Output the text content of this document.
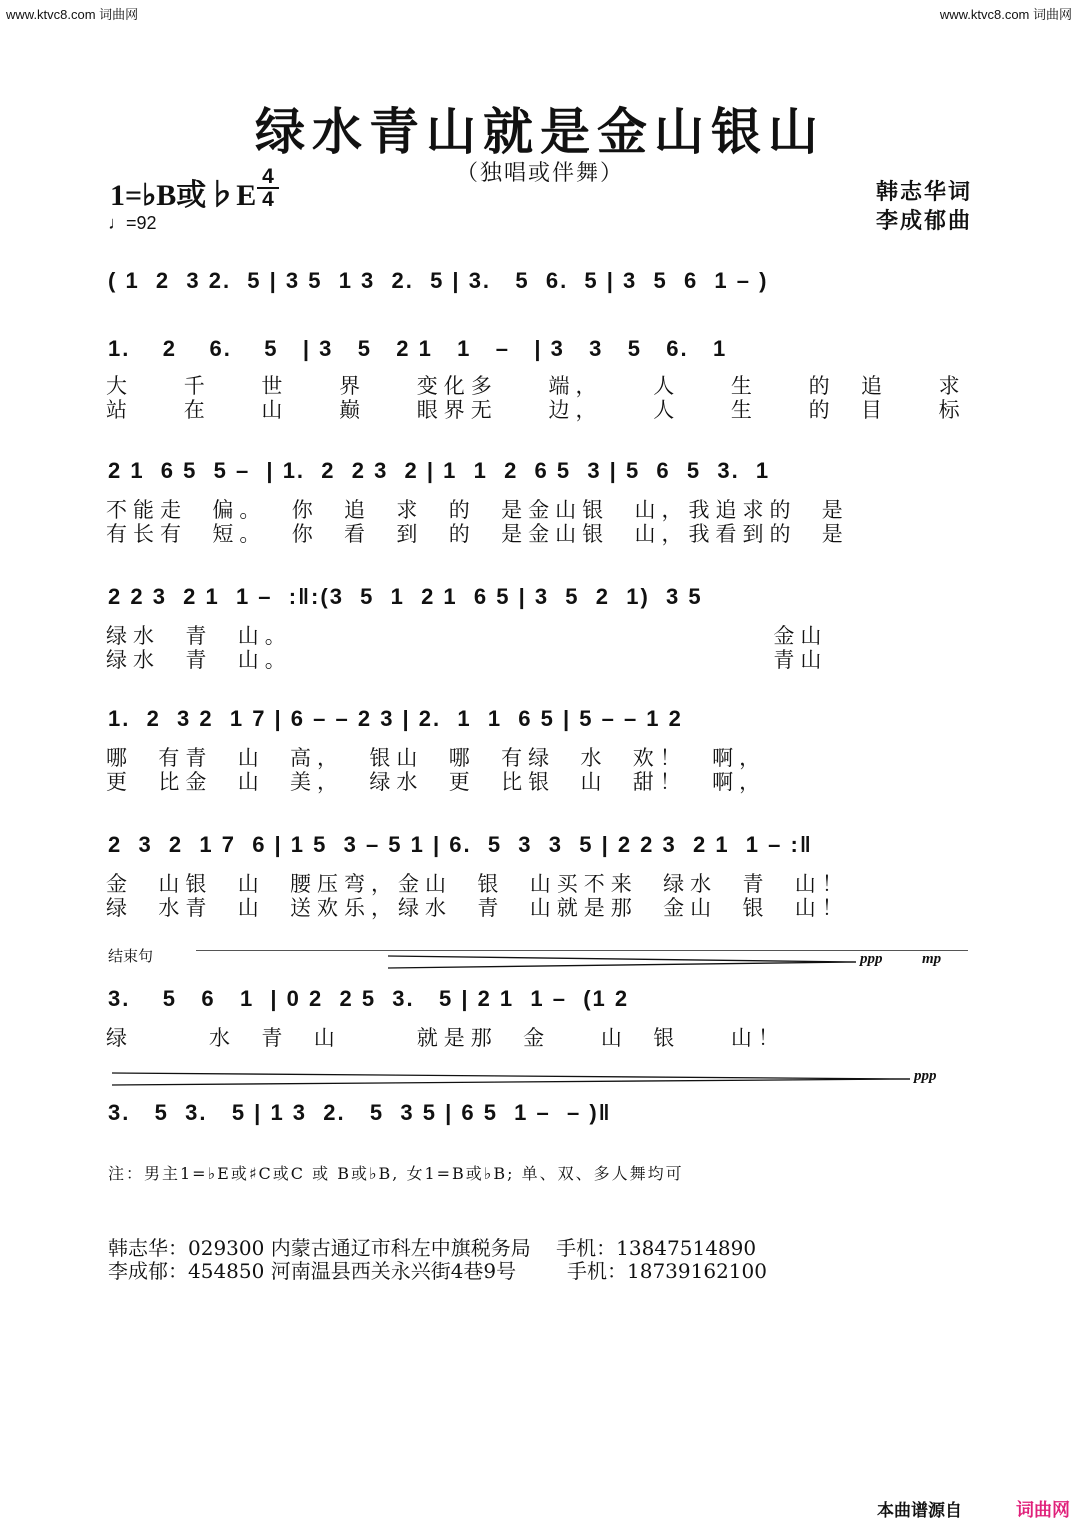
www.ktvc8.com 词曲网	www.ktvc8.com 词曲网
绿水青山就是金山银山
（独唱或伴舞）
1=♭B或♭E
4
4
♩=92
韩志华词
李成郁曲
( 1  2  3 2.  5 | 3 5  1 3  2.  5 | 3.   5  6.  5 | 3  5  6  1 – )
1.    2    6.    5   | 3   5   2 1   1   –   | 3   3   5   6.   1
大    千    世    界    变化多    端，    人    生    的  追    求
站    在    山    巅    眼界无    边，    人    生    的  目    标
2 1  6 5  5 –  | 1.  2  2 3  2 | 1  1  2  6 5  3 | 5  6  5  3.  1
不能走  偏。  你  追  求  的  是金山银  山，我追求的  是
有长有  短。  你  看  到  的  是金山银  山，我看到的  是
2 2 3  2 1  1 –  :‖:(3  5  1  2 1  6 5 | 3  5  2  1)  3 5
绿水  青  山。                                      金山
绿水  青  山。                                      青山
1.  2  3 2  1 7 | 6 – – 2 3 | 2.  1  1  6 5 | 5 – – 1 2
哪  有青  山  高，  银山  哪  有绿  水  欢！  啊，
更  比金  山  美，  绿水  更  比银  山  甜！  啊，
2  3  2  1 7  6 | 1 5  3 – 5 1 | 6.  5  3  3  5 | 2 2 3  2 1  1 – :‖
金  山银  山  腰压弯，金山  银  山买不来  绿水  青  山！
绿  水青  山  送欢乐，绿水  青  山就是那  金山  银  山！
结束句	ppp	mp
3.    5   6   1  | 0 2  2 5  3.   5 | 2 1  1 –  (1 2
绿      水  青  山      就是那  金    山  银    山！
ppp
3.   5  3.   5 | 1 3  2.   5  3 5 | 6 5  1 –  – )‖
注：男主1=♭E或♯C或C 或 B或♭B, 女1=B或♭B; 单、双、多人舞均可
韩志华：029300 内蒙古通辽市科左中旗税务局    手机：13847514890
李成郁：454850 河南温县西关永兴街4巷9号        手机：18739162100
本曲谱源自	词曲网
